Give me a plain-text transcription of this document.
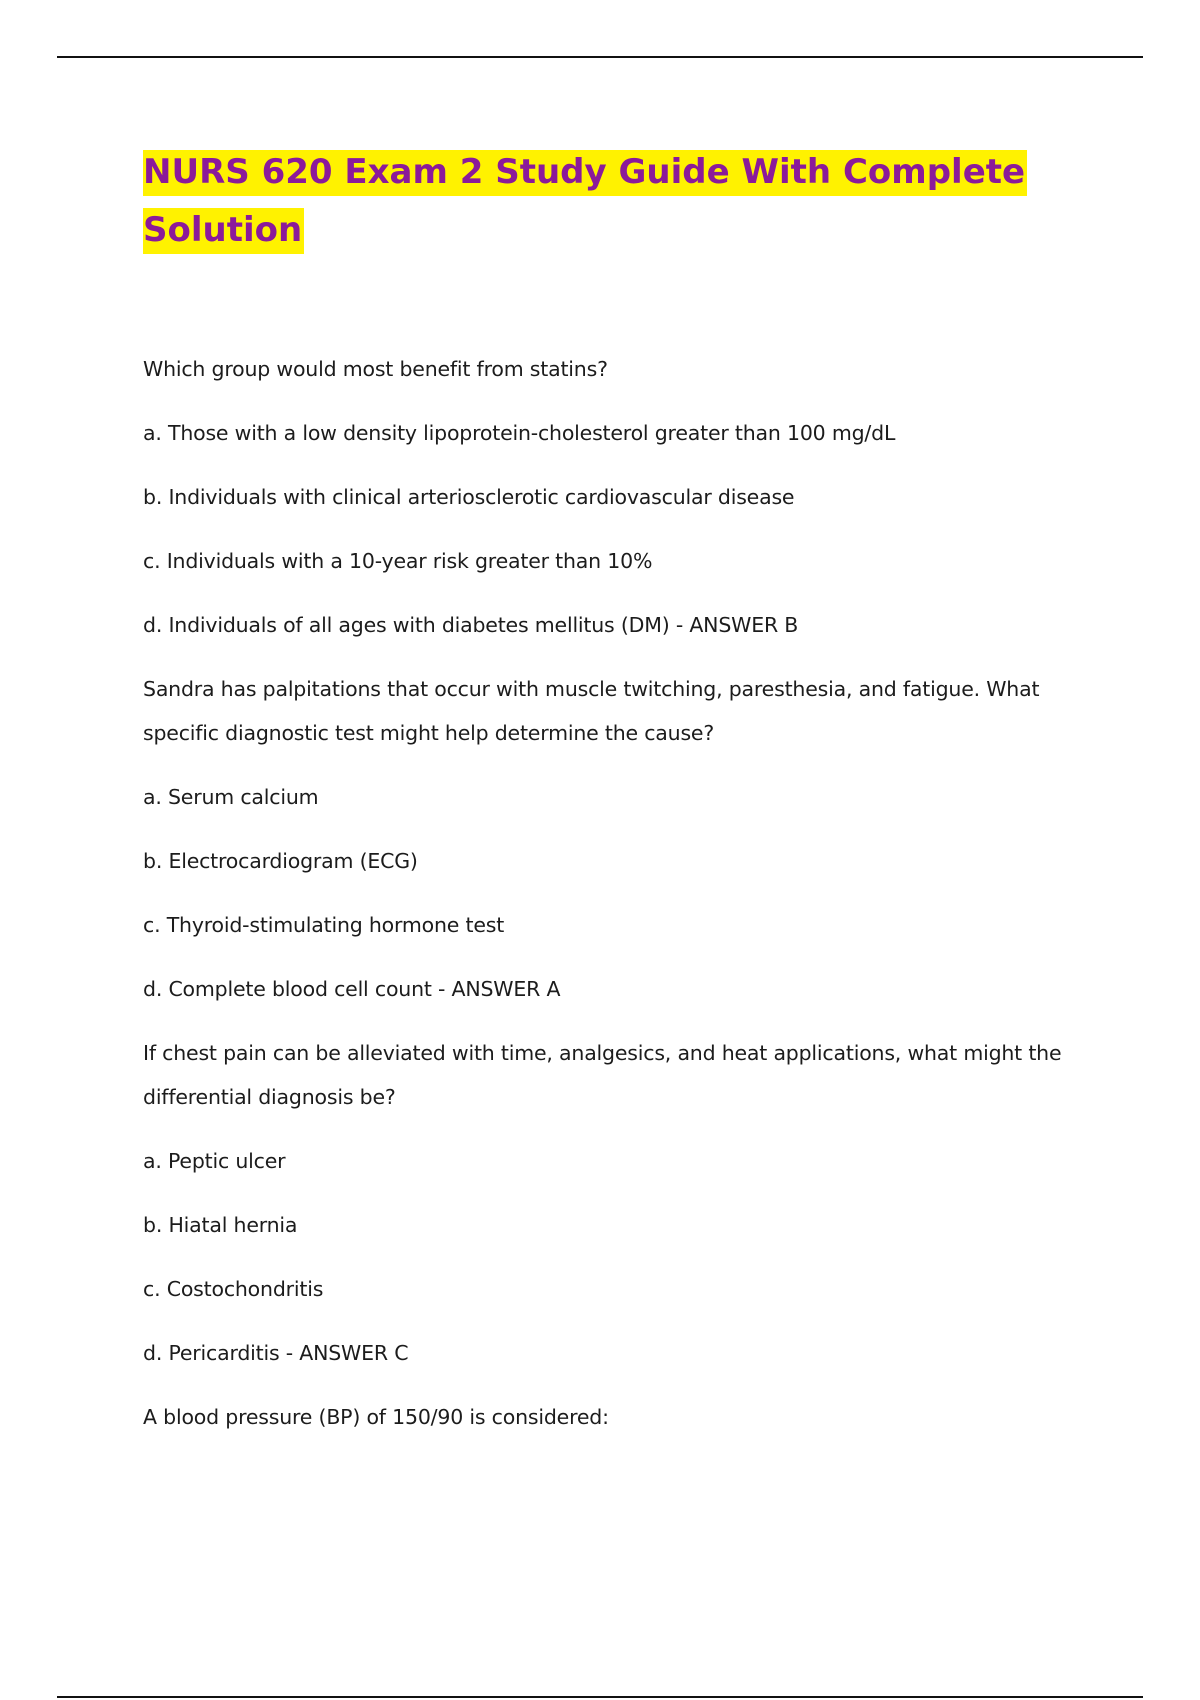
NURS 620 Exam 2 Study Guide With Complete Solution

Which group would most benefit from statins?

a. Those with a low density lipoprotein-cholesterol greater than 100 mg/dL

b. Individuals with clinical arteriosclerotic cardiovascular disease

c. Individuals with a 10-year risk greater than 10%

d. Individuals of all ages with diabetes mellitus (DM) - ANSWER B

Sandra has palpitations that occur with muscle twitching, paresthesia, and fatigue. What specific diagnostic test might help determine the cause?

a. Serum calcium

b. Electrocardiogram (ECG)

c. Thyroid-stimulating hormone test

d. Complete blood cell count - ANSWER A

If chest pain can be alleviated with time, analgesics, and heat applications, what might the differential diagnosis be?

a. Peptic ulcer

b. Hiatal hernia

c. Costochondritis

d. Pericarditis - ANSWER C

A blood pressure (BP) of 150/90 is considered:
